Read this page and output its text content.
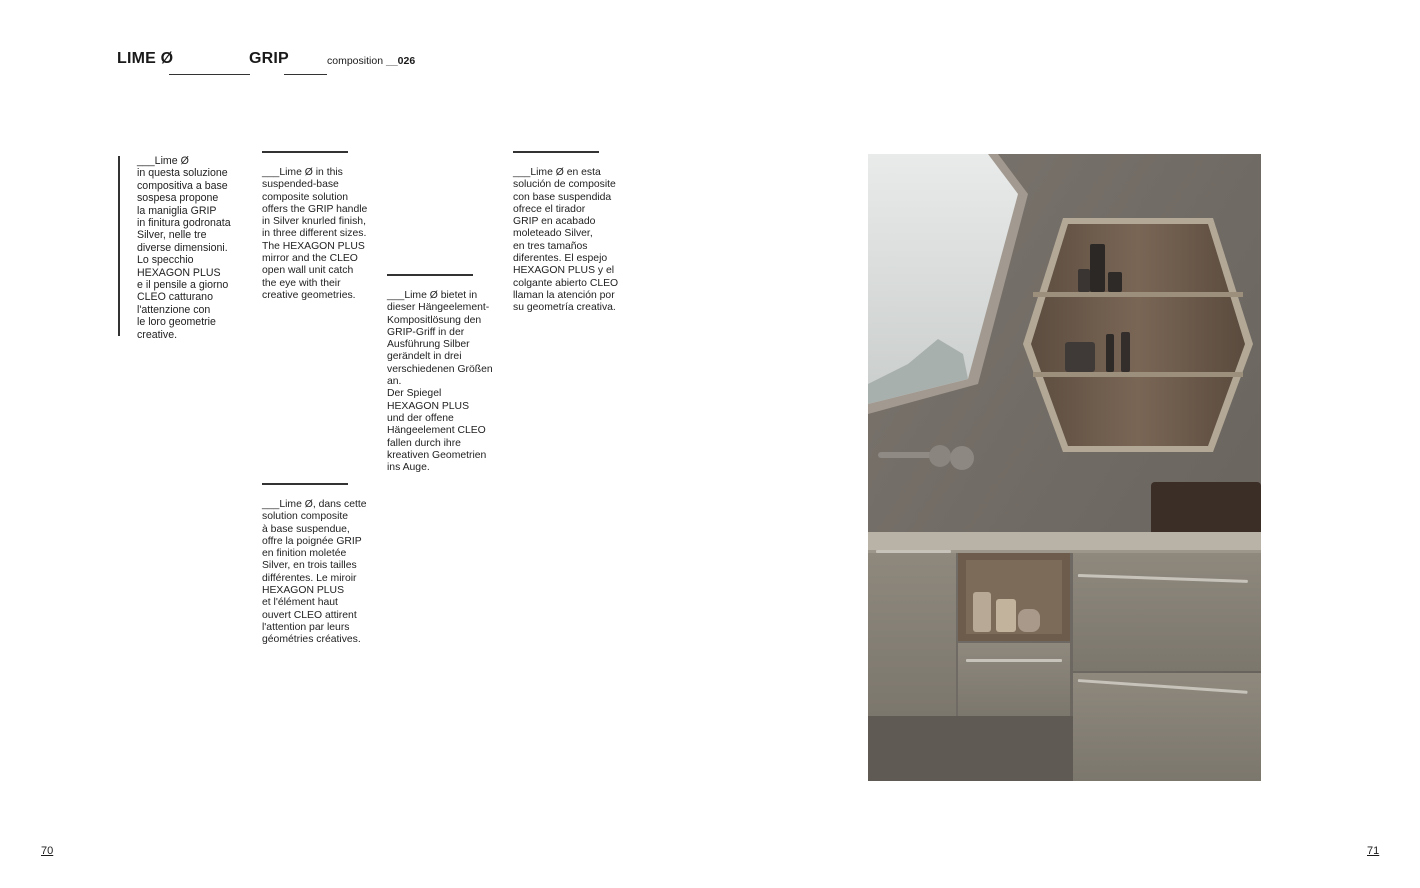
LIME Ø	GRIP	composition __026
___Lime Ø
in questa soluzione
compositiva a base
sospesa propone
la maniglia GRIP
in finitura godronata
Silver, nelle tre
diverse dimensioni.
Lo specchio
HEXAGON PLUS
e il pensile a giorno
CLEO catturano
l'attenzione con
le loro geometrie
creative.
___Lime Ø in this
suspended-base
composite solution
offers the GRIP handle
in Silver knurled finish,
in three different sizes.
The HEXAGON PLUS
mirror and the CLEO
open wall unit catch
the eye with their
creative geometries.	___Lime Ø bietet in
dieser Hängeelement-
Kompositlösung den
GRIP-Griff in der
Ausführung Silber
gerändelt in drei
verschiedenen Größen
an.
Der Spiegel
HEXAGON PLUS
und der offene
Hängeelement CLEO
fallen durch ihre
kreativen Geometrien
ins Auge.
___Lime Ø en esta
solución de composite
con base suspendida
ofrece el tirador
GRIP en acabado
moleteado Silver,
en tres tamaños
diferentes. El espejo
HEXAGON PLUS y el
colgante abierto CLEO
llaman la atención por
su geometría creativa.
___Lime Ø, dans cette
solution composite
à base suspendue,
offre la poignée GRIP
en finition moletée
Silver, en trois tailles
différentes. Le miroir
HEXAGON PLUS
et l'élément haut
ouvert CLEO attirent
l'attention par leurs
géométries créatives.
70	71
